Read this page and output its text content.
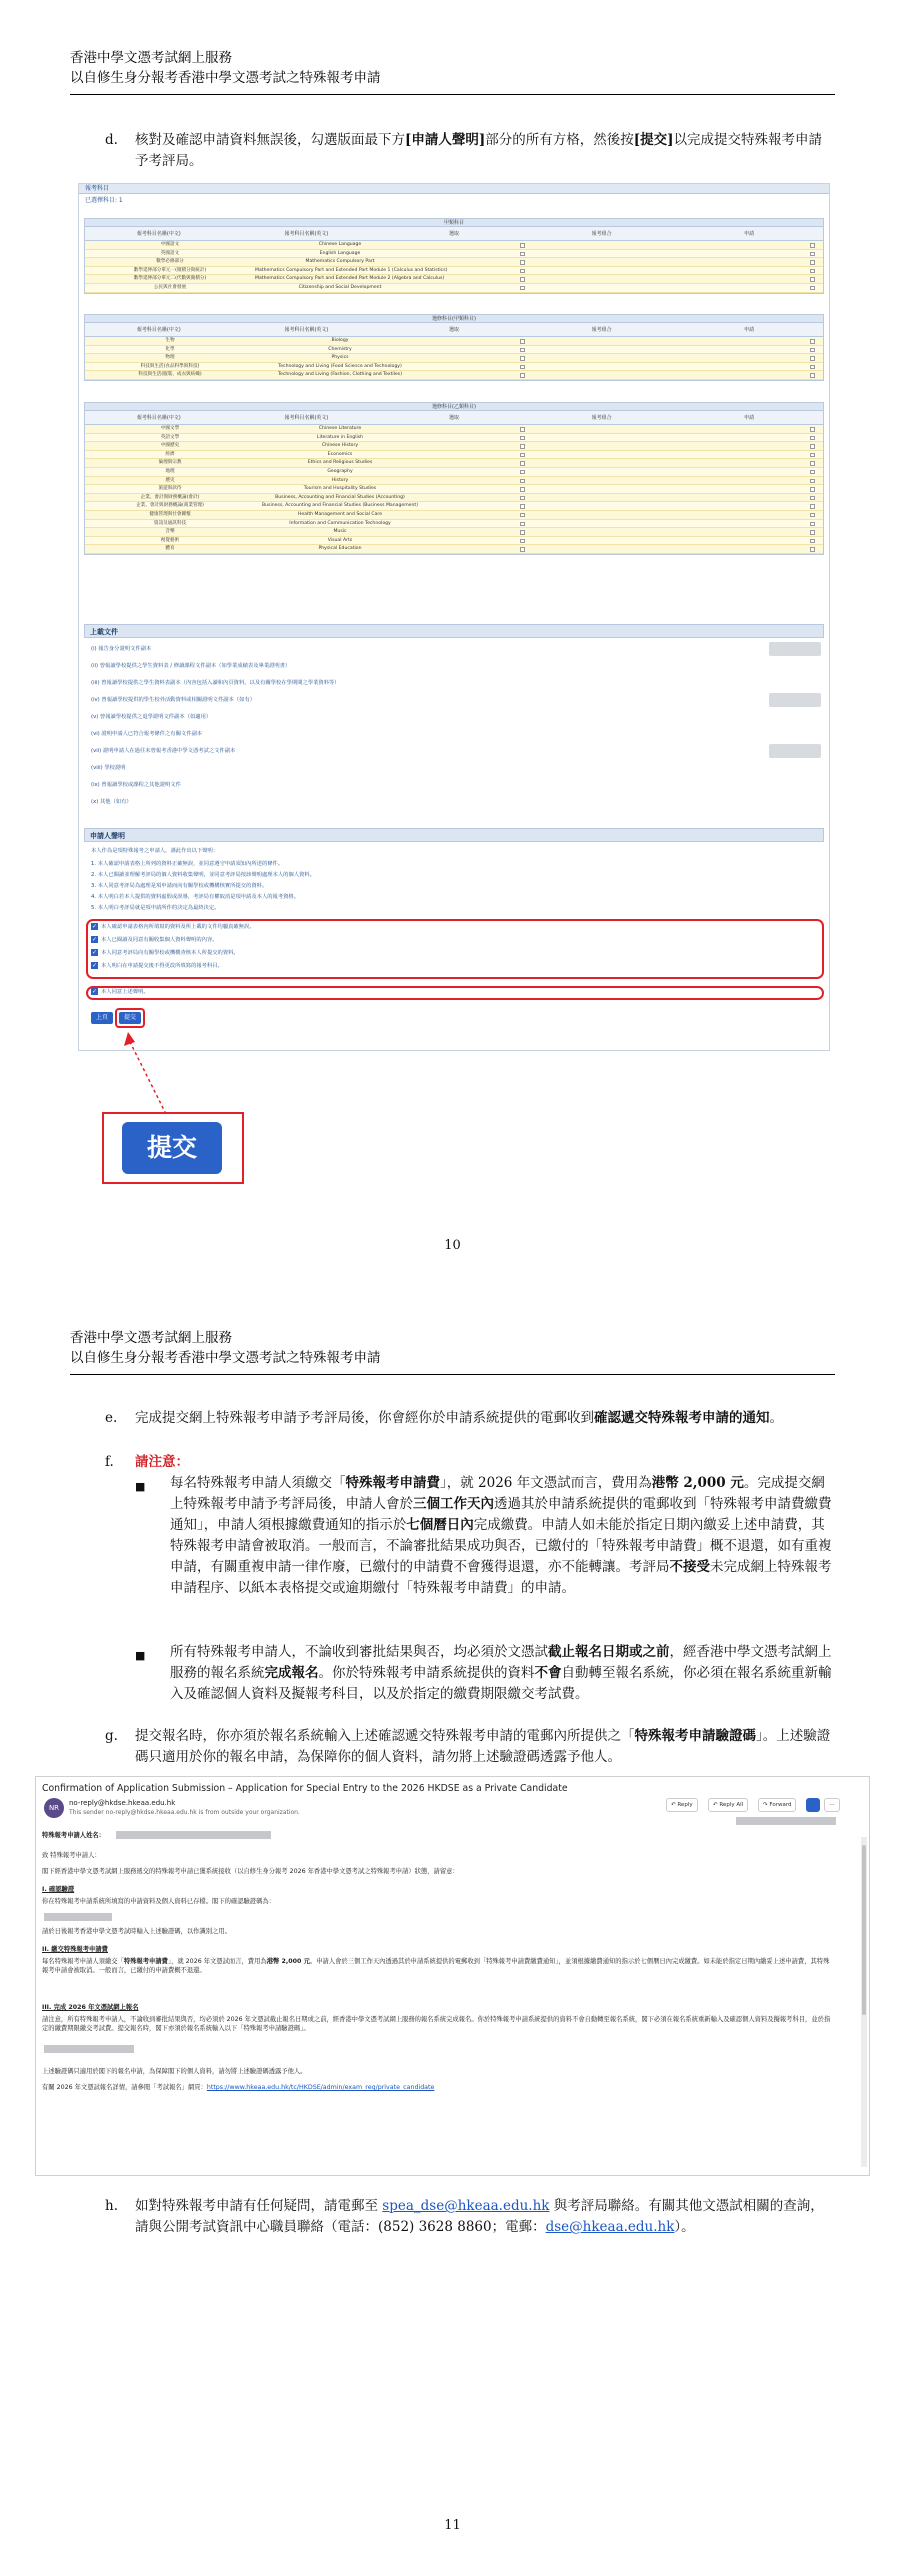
香港中學文憑考試網上服務
以自修生身分報考香港中學文憑考試之特殊報考申請
d. 核對及確認申請資料無誤後，勾選版面最下方[申請人聲明]部分的所有方格，然後按[提交]以完成提交特殊報考申請予考評局。
報考科目
已選擇科目: 1
甲類科目
報考科目名稱(中文)	報考科目名稱(英文)	選取	報考組合	申請
中國語文	Chinese Language
英國語文	English Language
數學必修部分	Mathematics Compulsory Part
數學延伸部分單元一(微積分與統計)	Mathematics Compulsory Part and Extended Part Module 1 (Calculus and Statistics)
數學延伸部分單元二(代數與微積分)	Mathematics Compulsory Part and Extended Part Module 2 (Algebra and Calculus)
公民與社會發展	Citizenship and Social Development
選修科目(甲類科目)
報考科目名稱(中文)	報考科目名稱(英文)	選取	報考組合	申請
生物	Biology
化學	Chemistry
物理	Physics
科技與生活(食品科學與科技)	Technology and Living (Food Science and Technology)
科技與生活(服裝、成衣與紡織)	Technology and Living (Fashion, Clothing and Textiles)
選修科目(乙類科目)
報考科目名稱(中文)	報考科目名稱(英文)	選取	報考組合	申請
中國文學	Chinese Literature
英語文學	Literature in English
中國歷史	Chinese History
經濟	Economics
倫理與宗教	Ethics and Religious Studies
地理	Geography
歷史	History
旅遊與款待	Tourism and Hospitality Studies
企業、會計與財務概論(會計)	Business, Accounting and Financial Studies (Accounting)
企業、會計與財務概論(商業管理)	Business, Accounting and Financial Studies (Business Management)
健康管理與社會關懷	Health Management and Social Care
資訊及通訊科技	Information and Communication Technology
音樂	Music
視覺藝術	Visual Arts
體育	Physical Education
上載文件
(i) 報告身分證明文件副本
(ii) 曾報讀學校提供之學生資料表 / 修讀課程文件副本（如學業成績表及畢業證明書）
(iii) 曾報讀學校提供之學生資料表副本（內容包括入讀和內頁資料，以及有關學校在學期間之學業資料等）
(iv) 曾報讀學校提供的學生校外活動資料或相關證明文件副本（如有）
(v) 曾報讀學校提供之退學證明文件副本（如適用）
(vi) 證明申請人已符合報考條件之有關文件副本
(vii) 證明申請人在過往未曾報考香港中學文憑考試之文件副本
(viii) 學校證明
(ix) 曾報讀學校或課程之其他證明文件
(x) 其他（如有）
申請人聲明
本人作為是項特殊報考之申請人，謹此作出以下聲明：
1. 本人確認申請表格上所列的資料正確無誤，並同意遵守申請須知內所述的條件。
2. 本人已閱讀並理解考評局的個人資料收集聲明，並同意考評局按該聲明處理本人的個人資料。
3. 本人同意考評局為處理是項申請而向有關學校或機構核實所提交的資料。
4. 本人明白若本人提供的資料虛假或誤導，考評局有權取消是項申請及本人的報考資格。
5. 本人明白考評局就是項申請所作的決定為最終決定。
✓ 本人確認申請表格內所填寫的資料及所上載的文件均屬真確無誤。
✓ 本人已閱讀及同意有關收集個人資料聲明的內容。
✓ 本人同意考評局向有關學校或機構查核本人所提交的資料。
✓ 本人明白在申請提交後不得更改所填寫的報考科目。
✓ 本人同意上述聲明。
上頁	提交
提交
10
香港中學文憑考試網上服務
以自修生身分報考香港中學文憑考試之特殊報考申請
e. 完成提交網上特殊報考申請予考評局後，你會經你於申請系統提供的電郵收到確認遞交特殊報考申請的通知。
f. 請注意：
■ 每名特殊報考申請人須繳交「特殊報考申請費」，就 2026 年文憑試而言，費用為港幣 2,000 元。完成提交網上特殊報考申請予考評局後，申請人會於三個工作天內透過其於申請系統提供的電郵收到「特殊報考申請費繳費通知」，申請人須根據繳費通知的指示於七個曆日內完成繳費。申請人如未能於指定日期內繳妥上述申請費，其特殊報考申請會被取消。一般而言，不論審批結果成功與否，已繳付的「特殊報考申請費」概不退還，如有重複申請，有關重複申請一律作廢，已繳付的申請費不會獲得退還，亦不能轉讓。考評局不接受未完成網上特殊報考申請程序、以紙本表格提交或逾期繳付「特殊報考申請費」的申請。
■ 所有特殊報考申請人，不論收到審批結果與否，均必須於文憑試截止報名日期或之前，經香港中學文憑考試網上服務的報名系統完成報名。你於特殊報考申請系統提供的資料不會自動轉至報名系統，你必須在報名系統重新輸入及確認個人資料及擬報考科目，以及於指定的繳費期限繳交考試費。
g. 提交報名時，你亦須於報名系統輸入上述確認遞交特殊報考申請的電郵內所提供之「特殊報考申請驗證碼」。上述驗證碼只適用於你的報名申請，為保障你的個人資料，請勿將上述驗證碼透露予他人。
11
Confirmation of Application Submission – Application for Special Entry to the 2026 HKDSE as a Private Candidate
NR
no-reply@hkdse.hkeaa.edu.hk
This sender no-reply@hkdse.hkeaa.edu.hk is from outside your organization.
↶ Reply	↶ Reply All	↷ Forward	···
特殊報考申請人姓名：
致 特殊報考申請人：
閣下經香港中學文憑考試網上服務遞交的特殊報考申請已獲系統接收（以自修生身分報考 2026 年香港中學文憑考試之特殊報考申請）狀態，請留意：
I. 確認驗證
你在特殊報考申請系統所填寫的申請資料及個人資料已存檔。閣下的確認驗證碼為：
請於日後報考香港中學文憑考試時輸入上述驗證碼，以作識別之用。
II. 繳交特殊報考申請費
每名特殊報考申請人須繳交「特殊報考申請費」，就 2026 年文憑試而言，費用為港幣 2,000 元。申請人會於三個工作天內透過其於申請系統提供的電郵收到「特殊報考申請費繳費通知」，並須根據繳費通知的指示於七個曆日內完成繳費。如未能於指定日期內繳妥上述申請費，其特殊報考申請會被取消。一般而言，已繳付的申請費概不退還。
III. 完成 2026 年文憑試網上報名
請注意，所有特殊報考申請人，不論收到審批結果與否，均必須於 2026 年文憑試截止報名日期或之前，經香港中學文憑考試網上服務的報名系統完成報名。你於特殊報考申請系統提供的資料不會自動轉至報名系統，閣下必須在報名系統重新輸入及確認個人資料及擬報考科目，並於指定的繳費期限繳交考試費。提交報名時，閣下亦須於報名系統輸入以下「特殊報考申請驗證碼」。
上述驗證碼只適用於閣下的報名申請，為保障閣下的個人資料，請勿將上述驗證碼透露予他人。
有關 2026 年文憑試報名詳情，請參閱「考試報名」網頁：https://www.hkeaa.edu.hk/tc/HKDSE/admin/exam_reg/private_candidate
h. 如對特殊報考申請有任何疑問，請電郵至 spea_dse@hkeaa.edu.hk 與考評局聯絡。有關其他文憑試相關的查詢，請與公開考試資訊中心職員聯絡（電話：(852) 3628 8860；電郵：dse@hkeaa.edu.hk）。
